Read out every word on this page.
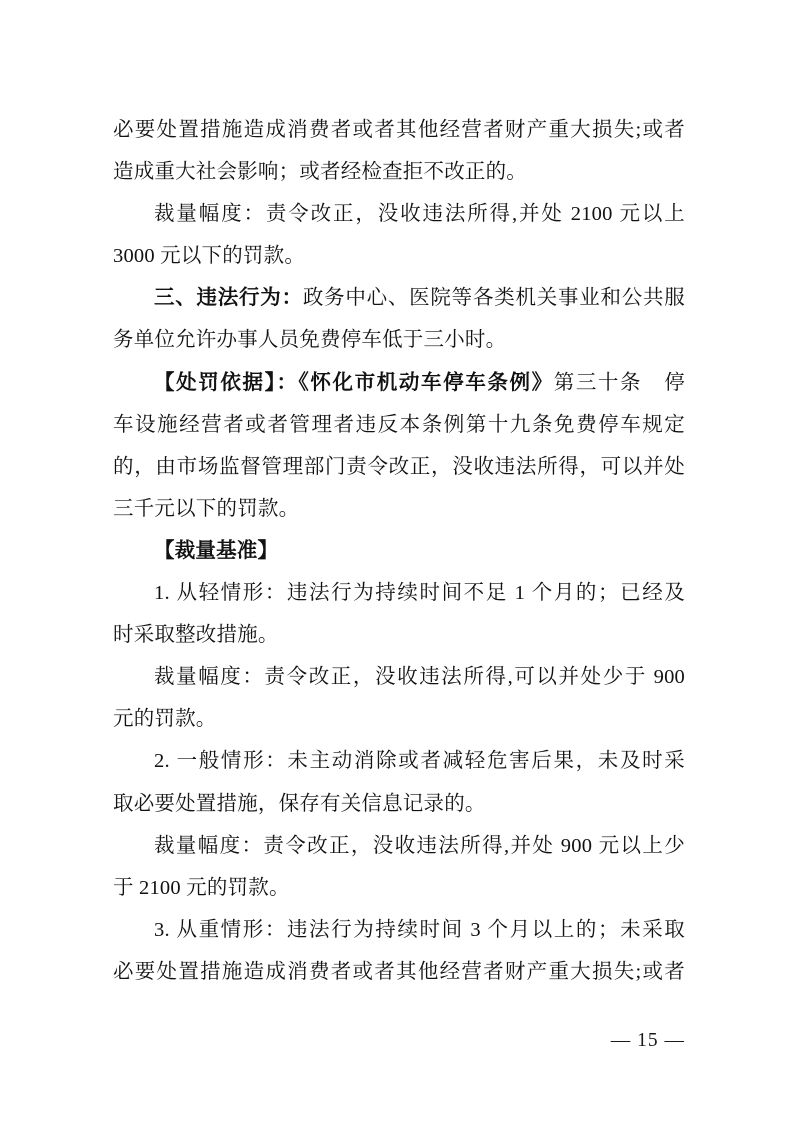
必要处置措施造成消费者或者其他经营者财产重大损失;或者
造成重大社会影响；或者经检查拒不改正的。
裁量幅度：责令改正，没收违法所得,并处 2100 元以上
3000 元以下的罚款。
三、违法行为：政务中心、医院等各类机关事业和公共服
务单位允许办事人员免费停车低于三小时。
【处罚依据】：《怀化市机动车停车条例》第三十条　停
车设施经营者或者管理者违反本条例第十九条免费停车规定
的，由市场监督管理部门责令改正，没收违法所得，可以并处
三千元以下的罚款。
【裁量基准】
1. 从轻情形：违法行为持续时间不足 1 个月的；已经及
时采取整改措施。
裁量幅度：责令改正，没收违法所得,可以并处少于 900
元的罚款。
2. 一般情形：未主动消除或者减轻危害后果，未及时采
取必要处置措施，保存有关信息记录的。
裁量幅度：责令改正，没收违法所得,并处 900 元以上少
于 2100 元的罚款。
3. 从重情形：违法行为持续时间 3 个月以上的；未采取
必要处置措施造成消费者或者其他经营者财产重大损失;或者
— 15 —
